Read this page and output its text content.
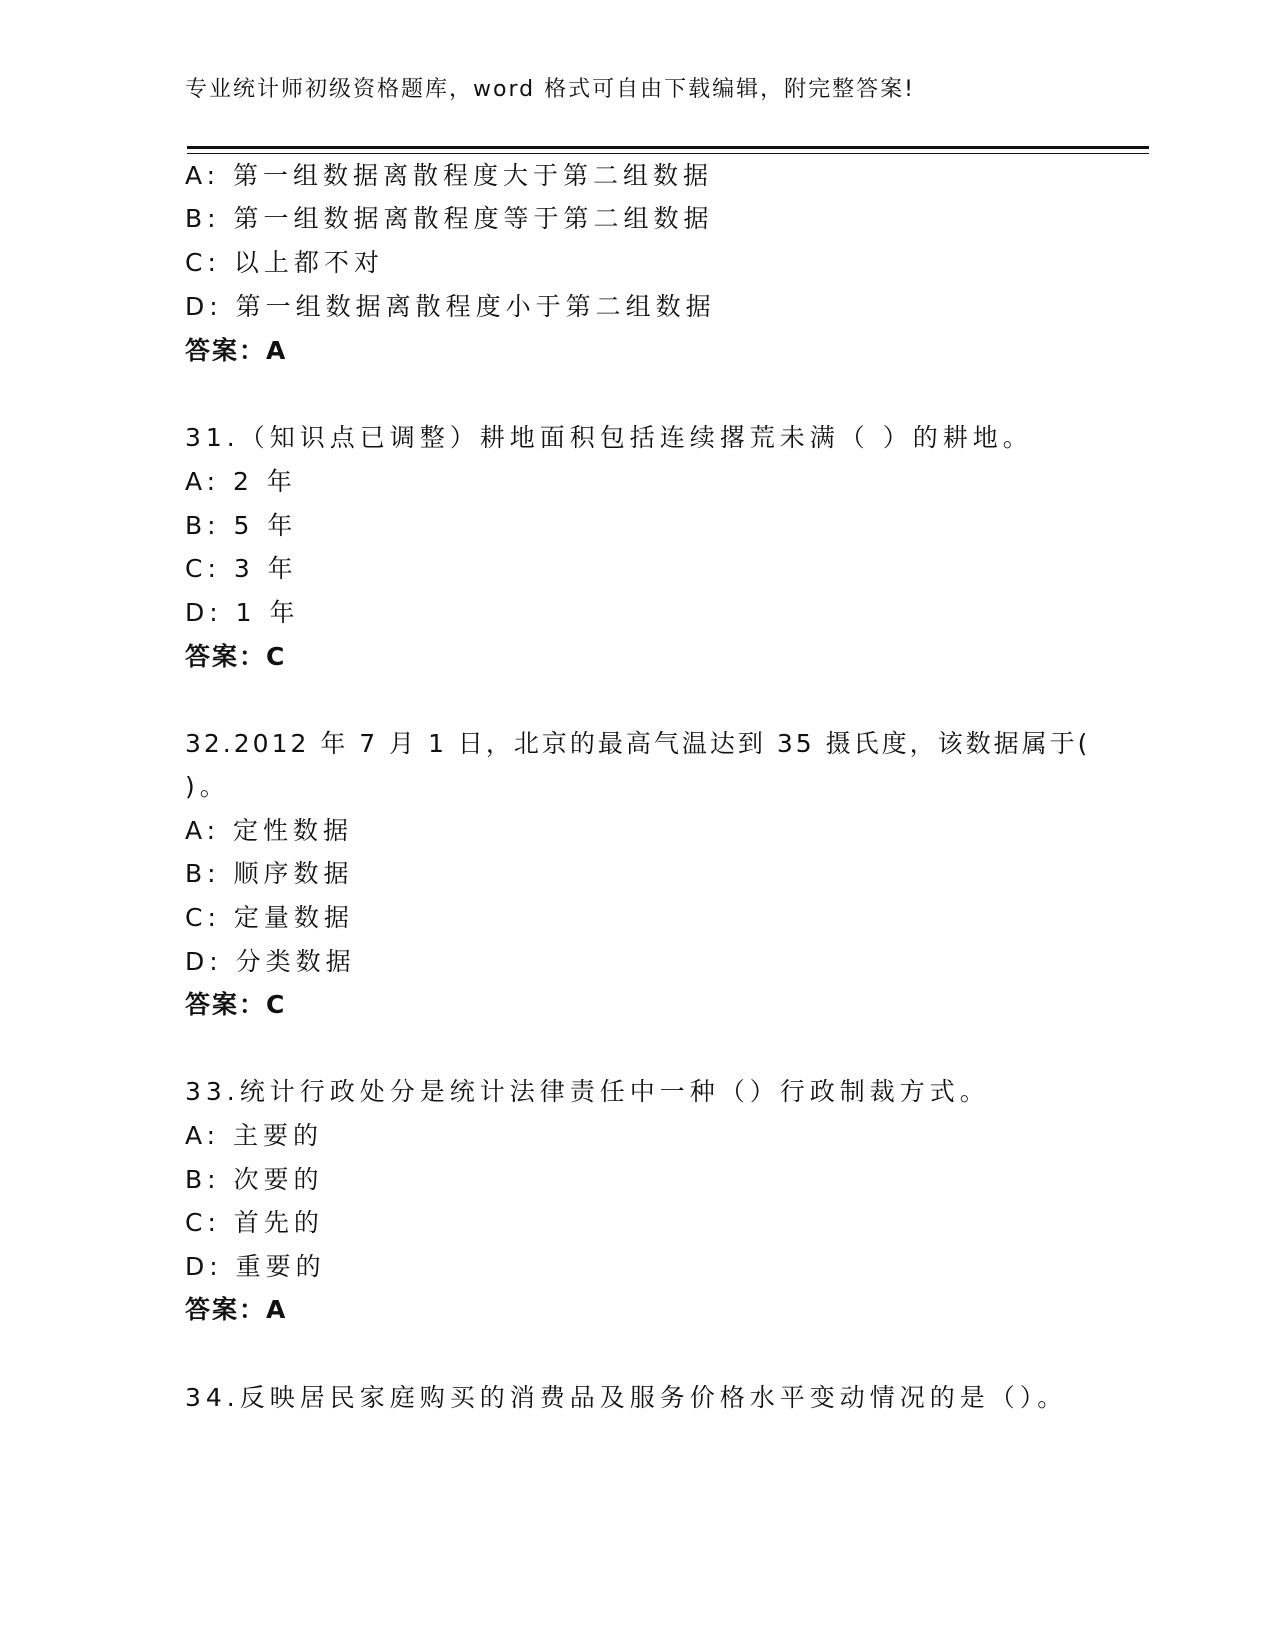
专业统计师初级资格题库，word 格式可自由下载编辑，附完整答案!
A: 第一组数据离散程度大于第二组数据
B: 第一组数据离散程度等于第二组数据
C: 以上都不对
D: 第一组数据离散程度小于第二组数据
答案：A
31.（知识点已调整）耕地面积包括连续撂荒未满（ ）的耕地。
A: 2 年
B: 5 年
C: 3 年
D: 1 年
答案：C
32.2012 年 7 月 1 日，北京的最高气温达到 35 摄氏度，该数据属于(
)。
A: 定性数据
B: 顺序数据
C: 定量数据
D: 分类数据
答案：C
33.统计行政处分是统计法律责任中一种（）行政制裁方式。
A: 主要的
B: 次要的
C: 首先的
D: 重要的
答案：A
34.反映居民家庭购买的消费品及服务价格水平变动情况的是（）。
